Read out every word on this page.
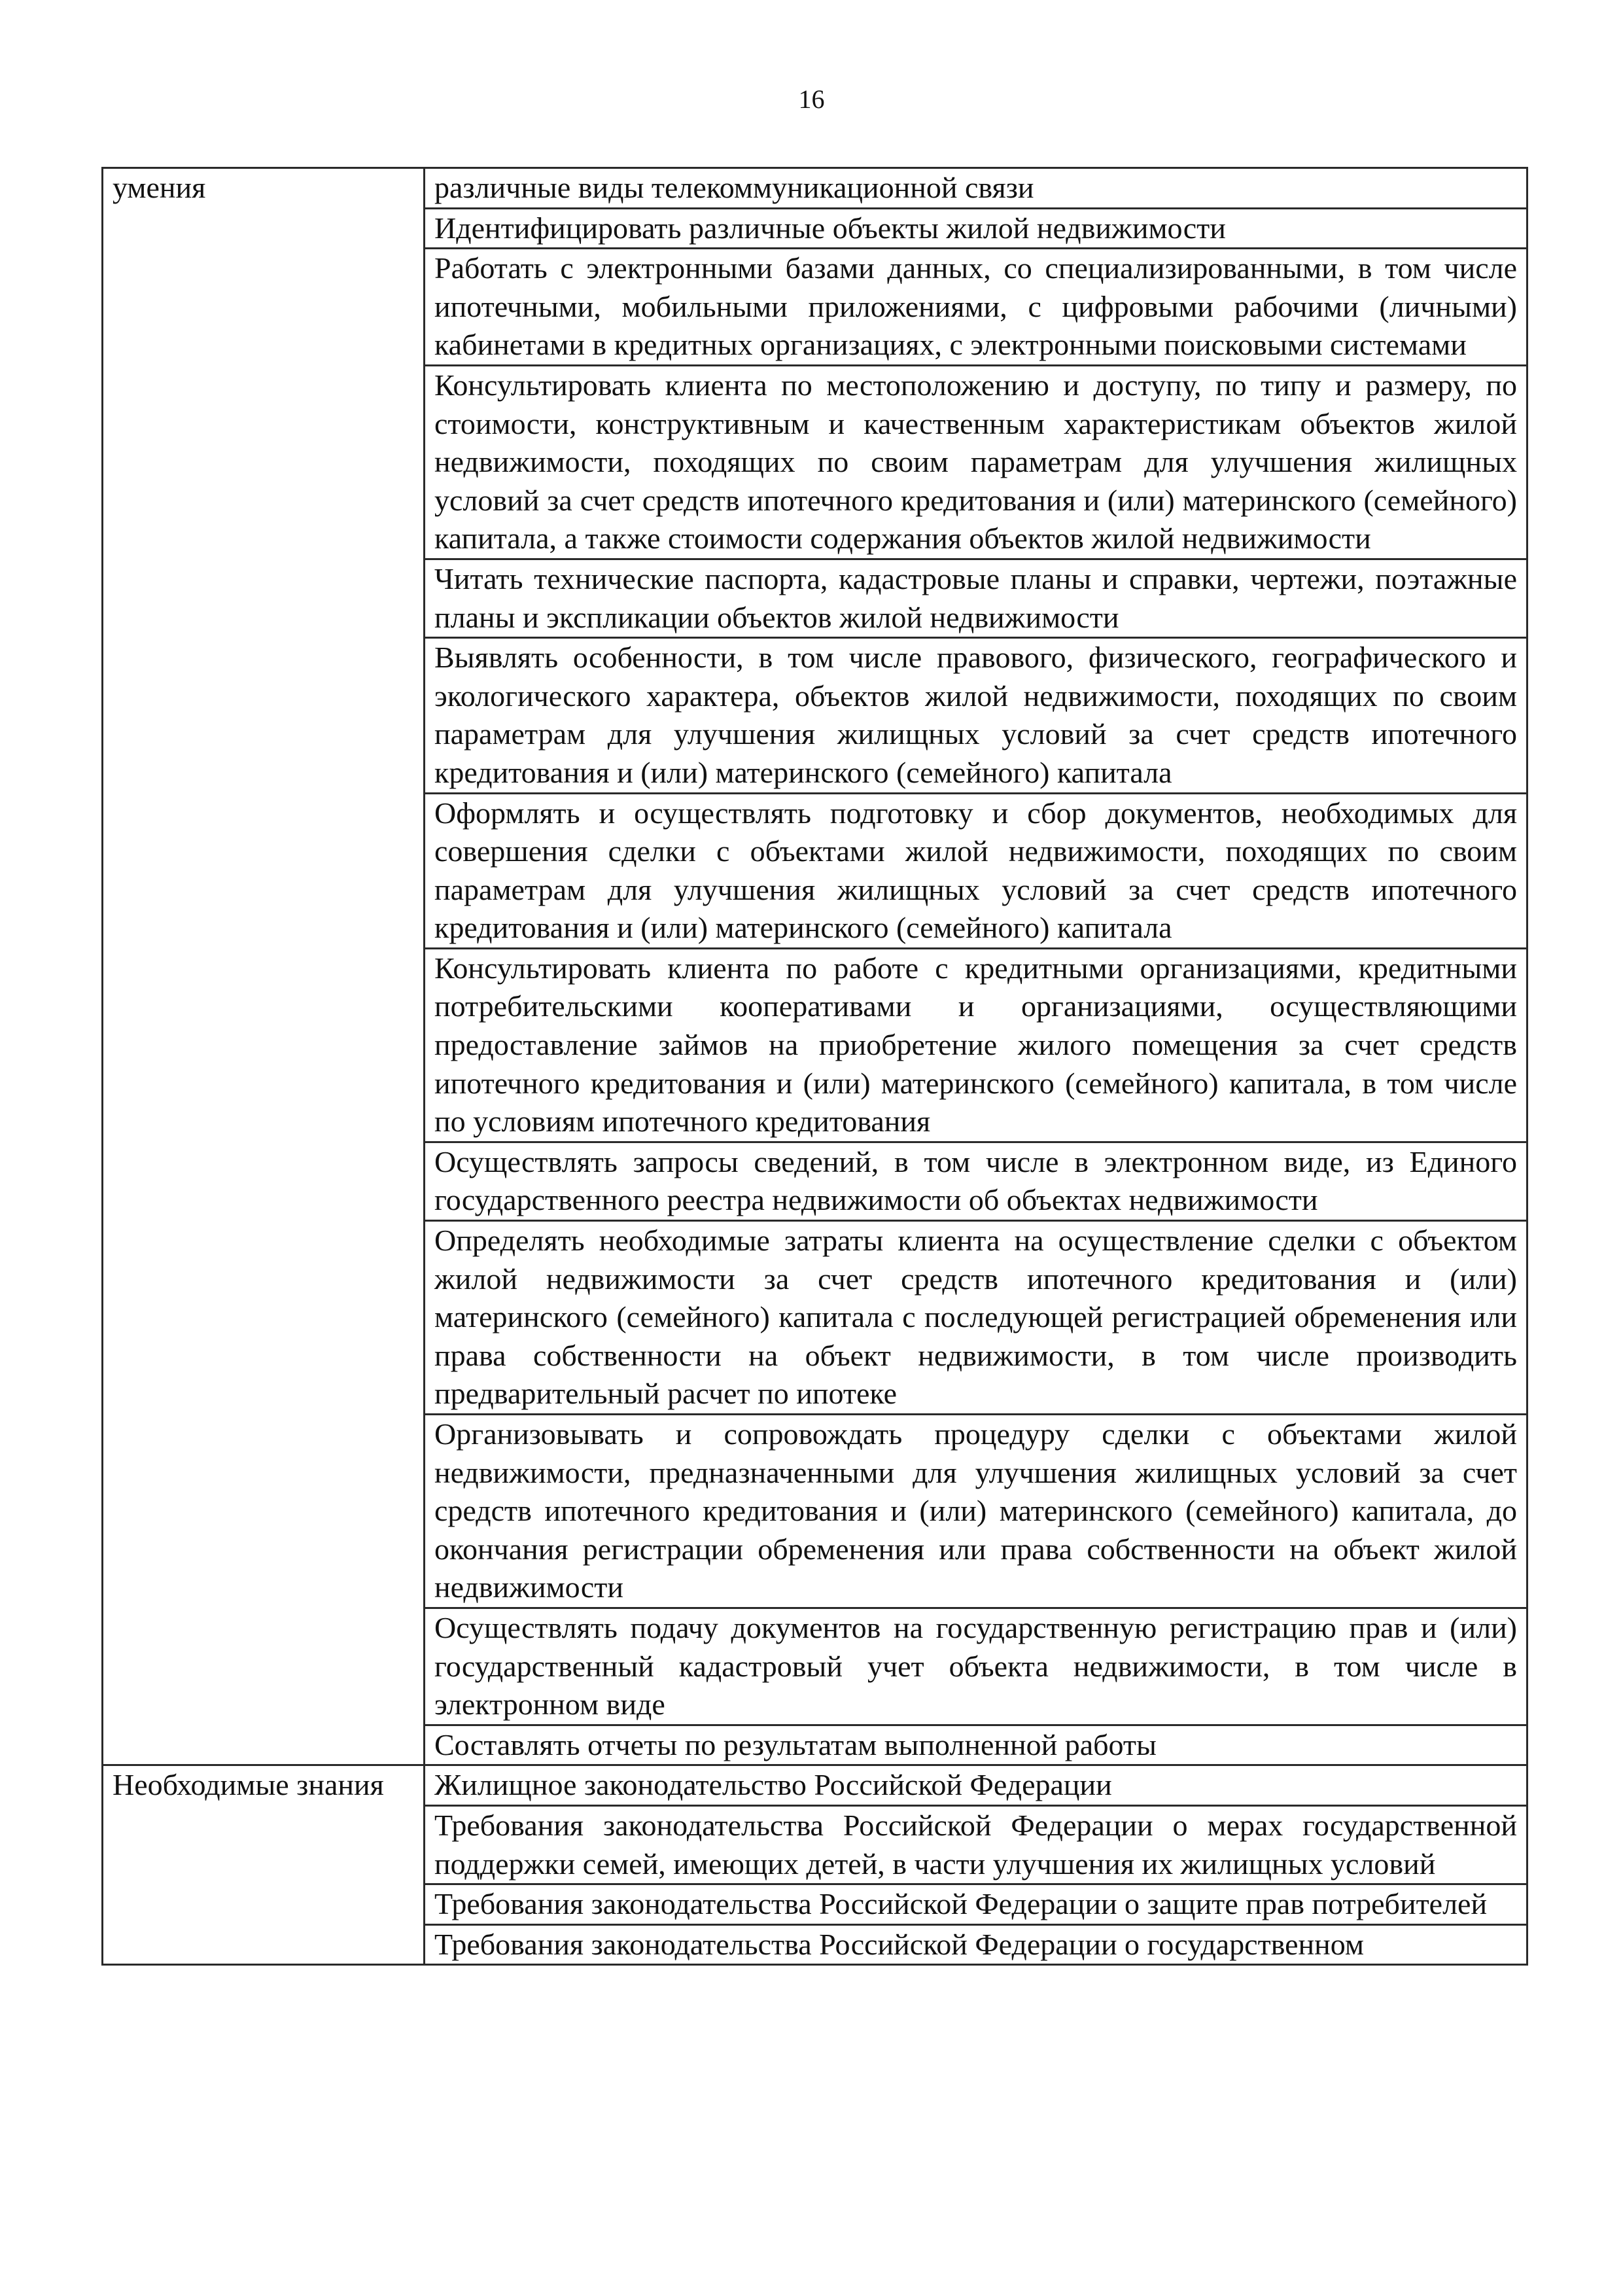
16
умения	различные виды телекоммуникационной связи
	Идентифицировать различные объекты жилой недвижимости
	Работать с электронными базами данных, со специализированными, в том числе ипотечными, мобильными приложениями, с цифровыми рабочими (личными) кабинетами в кредитных организациях, с электронными поисковыми системами
	Консультировать клиента по местоположению и доступу, по типу и размеру, по стоимости, конструктивным и качественным характеристикам объектов жилой недвижимости, походящих по своим параметрам для улучшения жилищных условий за счет средств ипотечного кредитования и (или) материнского (семейного) капитала, а также стоимости содержания объектов жилой недвижимости
	Читать технические паспорта, кадастровые планы и справки, чертежи, поэтажные планы и экспликации объектов жилой недвижимости
	Выявлять особенности, в том числе правового, физического, географического и экологического характера, объектов жилой недвижимости, походящих по своим параметрам для улучшения жилищных условий за счет средств ипотечного кредитования и (или) материнского (семейного) капитала
	Оформлять и осуществлять подготовку и сбор документов, необходимых для совершения сделки с объектами жилой недвижимости, походящих по своим параметрам для улучшения жилищных условий за счет средств ипотечного кредитования и (или) материнского (семейного) капитала
	Консультировать клиента по работе с кредитными организациями, кредитными потребительскими кооперативами и организациями, осуществляющими предоставление займов на приобретение жилого помещения за счет средств ипотечного кредитования и (или) материнского (семейного) капитала, в том числе по условиям ипотечного кредитования
	Осуществлять запросы сведений, в том числе в электронном виде, из Единого государственного реестра недвижимости об объектах недвижимости
	Определять необходимые затраты клиента на осуществление сделки с объектом жилой недвижимости за счет средств ипотечного кредитования и (или) материнского (семейного) капитала с последующей регистрацией обременения или права собственности на объект недвижимости, в том числе производить предварительный расчет по ипотеке
	Организовывать и сопровождать процедуру сделки с объектами жилой недвижимости, предназначенными для улучшения жилищных условий за счет средств ипотечного кредитования и (или) материнского (семейного) капитала, до окончания регистрации обременения или права собственности на объект жилой недвижимости
	Осуществлять подачу документов на государственную регистрацию прав и (или) государственный кадастровый учет объекта недвижимости, в том числе в электронном виде
	Составлять отчеты по результатам выполненной работы
Необходимые знания	Жилищное законодательство Российской Федерации
	Требования законодательства Российской Федерации о мерах государственной поддержки семей, имеющих детей, в части улучшения их жилищных условий
	Требования законодательства Российской Федерации о защите прав потребителей
	Требования законодательства Российской Федерации о государственном
